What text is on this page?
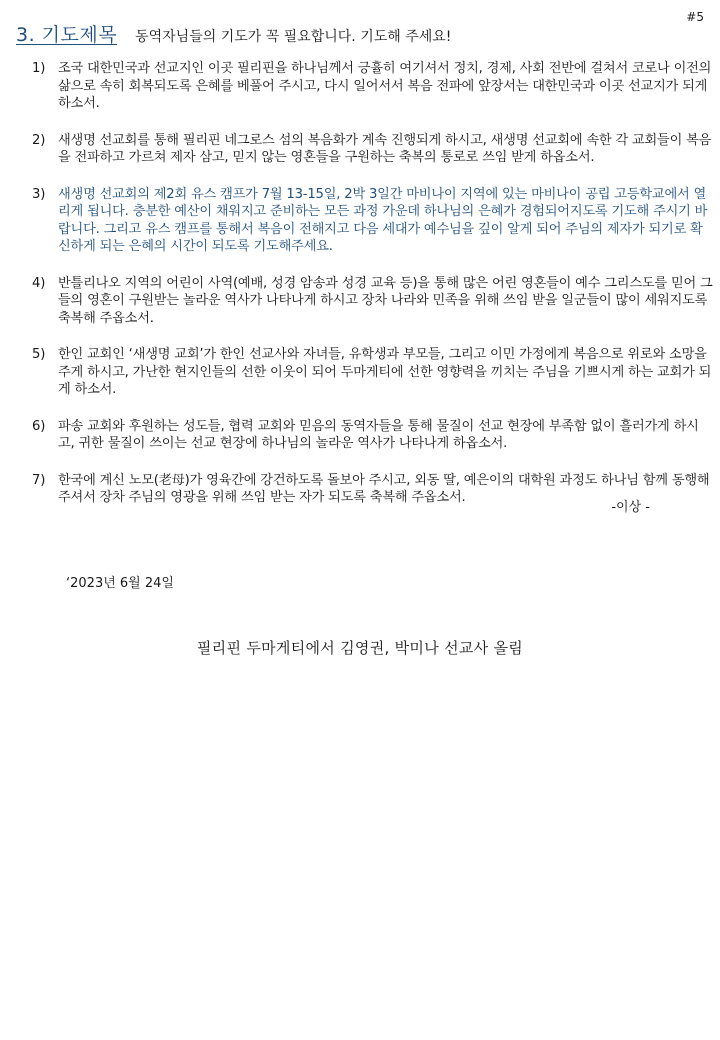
#5
3. 기도제목 동역자님들의 기도가 꼭 필요합니다. 기도해 주세요!
1) 조국 대한민국과 선교지인 이곳 필리핀을 하나님께서 긍휼히 여기셔서 정치, 경제, 사회 전반에 걸쳐서 코로나 이전의 삶으로 속히 회복되도록 은혜를 베풀어 주시고, 다시 일어서서 복음 전파에 앞장서는 대한민국과 이곳 선교지가 되게 하소서.
2) 새생명 선교회를 통해 필리핀 네그로스 섬의 복음화가 계속 진행되게 하시고, 새생명 선교회에 속한 각 교회들이 복음을 전파하고 가르쳐 제자 삼고, 믿지 않는 영혼들을 구원하는 축복의 통로로 쓰임 받게 하옵소서.
3) 새생명 선교회의 제2회 유스 캠프가 7월 13-15일, 2박 3일간 마비나이 지역에 있는 마비나이 공립 고등학교에서 열리게 됩니다. 충분한 예산이 채워지고 준비하는 모든 과정 가운데 하나님의 은혜가 경험되어지도록 기도해 주시기 바랍니다. 그리고 유스 캠프를 통해서 복음이 전해지고 다음 세대가 예수님을 깊이 알게 되어 주님의 제자가 되기로 확신하게 되는 은혜의 시간이 되도록 기도해주세요.
4) 반틀리나오 지역의 어린이 사역(예배, 성경 암송과 성경 교육 등)을 통해 많은 어린 영혼들이 예수 그리스도를 믿어 그들의 영혼이 구원받는 놀라운 역사가 나타나게 하시고 장차 나라와 민족을 위해 쓰임 받을 일군들이 많이 세워지도록 축복해 주옵소서.
5) 한인 교회인 ‘새생명 교회’가 한인 선교사와 자녀들, 유학생과 부모들, 그리고 이민 가정에게 복음으로 위로와 소망을 주게 하시고, 가난한 현지인들의 선한 이웃이 되어 두마게티에 선한 영향력을 끼치는 주님을 기쁘시게 하는 교회가 되게 하소서.
6) 파송 교회와 후원하는 성도들, 협력 교회와 믿음의 동역자들을 통해 물질이 선교 현장에 부족함 없이 흘러가게 하시고, 귀한 물질이 쓰이는 선교 현장에 하나님의 놀라운 역사가 나타나게 하옵소서.
7) 한국에 계신 노모(老母)가 영육간에 강건하도록 돌보아 주시고, 외동 딸, 예은이의 대학원 과정도 하나님 함께 동행해 주셔서 장차 주님의 영광을 위해 쓰임 받는 자가 되도록 축복해 주옵소서.
-이상 -
‘2023년 6월 24일
필리핀 두마게티에서 김영권, 박미나 선교사 올림
